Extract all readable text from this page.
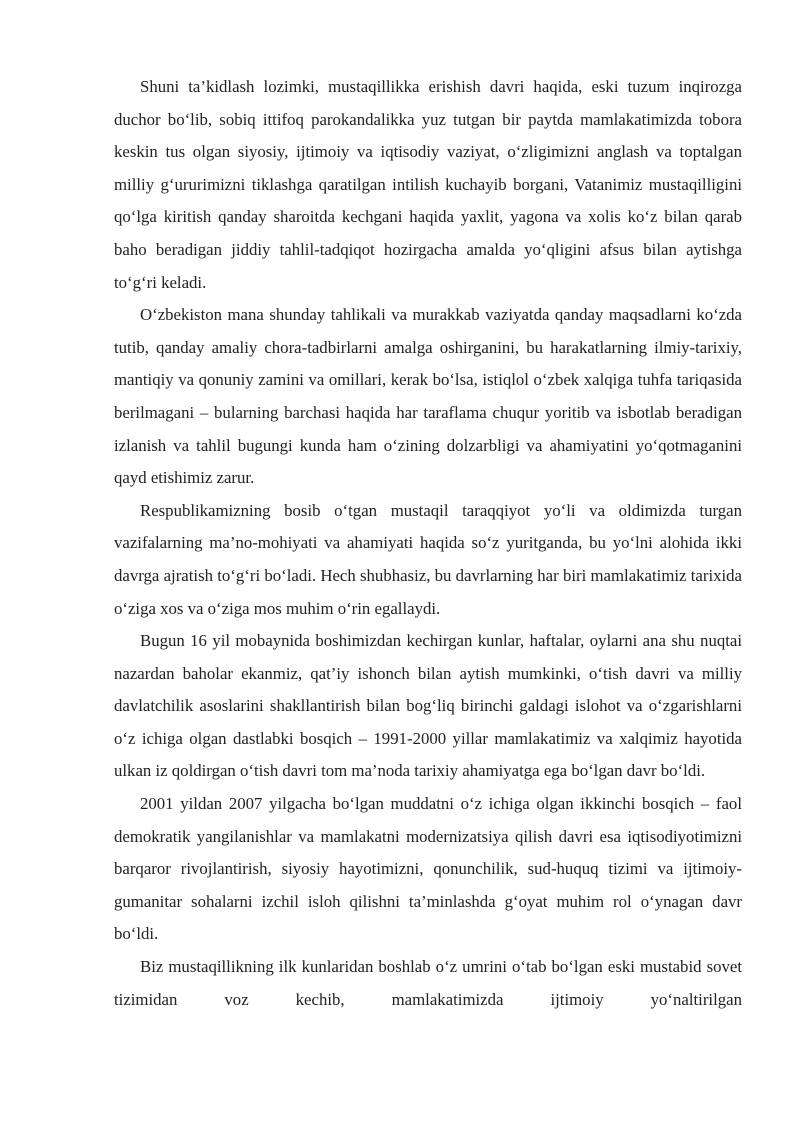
Shuni ta’kidlash lozimki, mustaqillikka erishish davri haqida, eski tuzum inqirozga duchor bo‘lib, sobiq ittifoq parokandalikka yuz tutgan bir paytda mamlakatimizda tobora keskin tus olgan siyosiy, ijtimoiy va iqtisodiy vaziyat, o‘zligimizni anglash va toptalgan milliy g‘ururimizni tiklashga qaratilgan intilish kuchayib borgani, Vatanimiz mustaqilligini qo‘lga kiritish qanday sharoitda kechgani haqida yaxlit, yagona va xolis ko‘z bilan qarab baho beradigan jiddiy tahlil-tadqiqot hozirgacha amalda yo‘qligini afsus bilan aytishga to‘g‘ri keladi.

O‘zbekiston mana shunday tahlikali va murakkab vaziyatda qanday maqsadlarni ko‘zda tutib, qanday amaliy chora-tadbirlarni amalga oshirganini, bu harakatlarning ilmiy-tarixiy, mantiqiy va qonuniy zamini va omillari, kerak bo‘lsa, istiqlol o‘zbek xalqiga tuhfa tariqasida berilmagani – bularning barchasi haqida har taraflama chuqur yoritib va isbotlab beradigan izlanish va tahlil bugungi kunda ham o‘zining dolzarbligi va ahamiyatini yo‘qotmaganini qayd etishimiz zarur.

Respublikamizning bosib o‘tgan mustaqil taraqqiyot yo‘li va oldimizda turgan vazifalarning ma’no-mohiyati va ahamiyati haqida so‘z yuritganda, bu yo‘lni alohida ikki davrga ajratish to‘g‘ri bo‘ladi. Hech shubhasiz, bu davrlarning har biri mamlakatimiz tarixida o‘ziga xos va o‘ziga mos muhim o‘rin egallaydi.

Bugun 16 yil mobaynida boshimizdan kechirgan kunlar, haftalar, oylarni ana shu nuqtai nazardan baholar ekanmiz, qat’iy ishonch bilan aytish mumkinki, o‘tish davri va milliy davlatchilik asoslarini shakllantirish bilan bog‘liq birinchi galdagi islohot va o‘zgarishlarni o‘z ichiga olgan dastlabki bosqich – 1991-2000 yillar mamlakatimiz va xalqimiz hayotida ulkan iz qoldirgan o‘tish davri tom ma’noda tarixiy ahamiyatga ega bo‘lgan davr bo‘ldi.

2001 yildan 2007 yilgacha bo‘lgan muddatni o‘z ichiga olgan ikkinchi bosqich – faol demokratik yangilanishlar va mamlakatni modernizatsiya qilish davri esa iqtisodiyotimizni barqaror rivojlantirish, siyosiy hayotimizni, qonunchilik, sud-huquq tizimi va ijtimoiy-gumanitar sohalarni izchil isloh qilishni ta’minlashda g‘oyat muhim rol o‘ynagan davr bo‘ldi.

Biz mustaqillikning ilk kunlaridan boshlab o‘z umrini o‘tab bo‘lgan eski mustabid sovet tizimidan voz kechib, mamlakatimizda ijtimoiy yo‘naltirilgan
